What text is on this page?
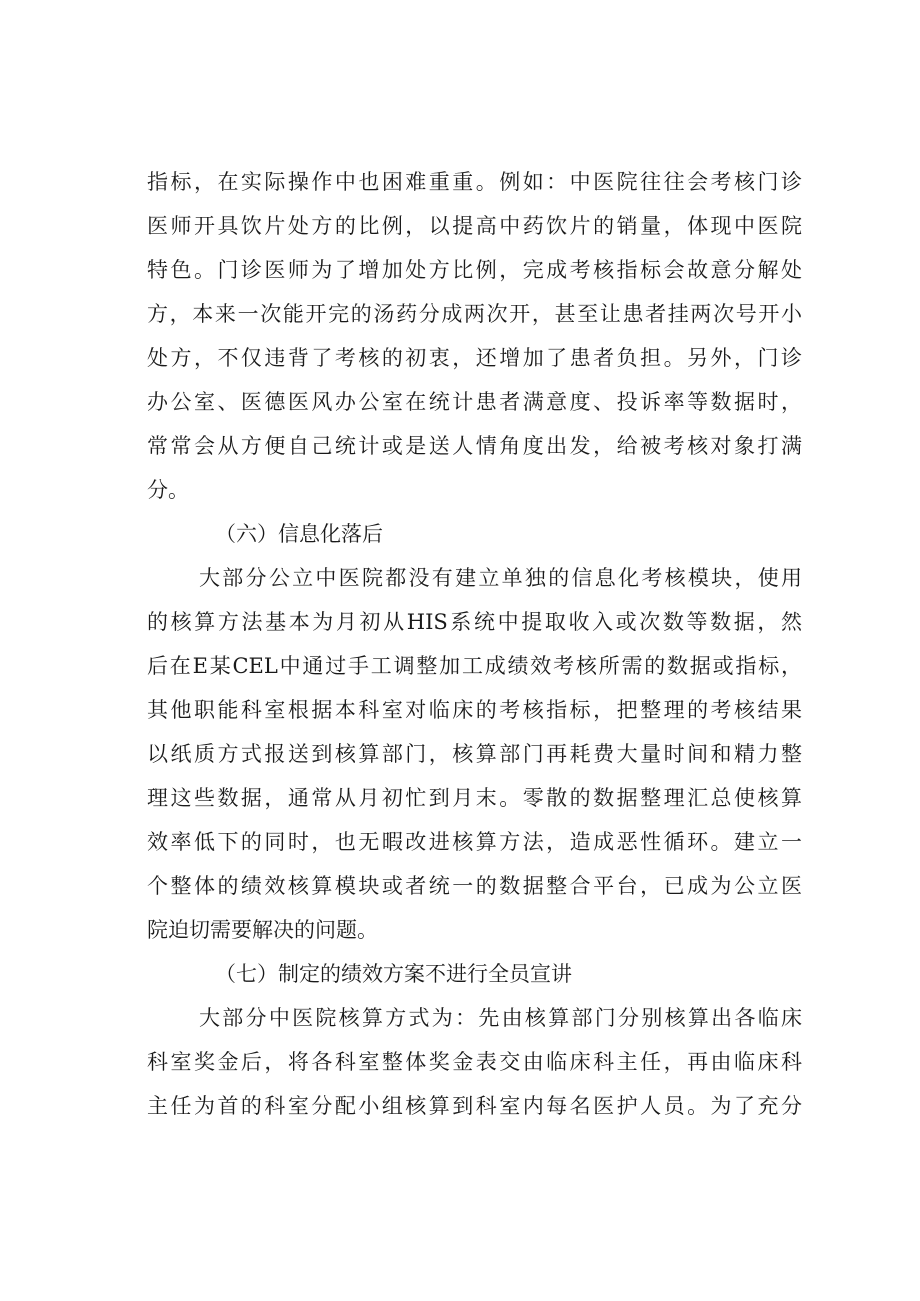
指标，在实际操作中也困难重重。例如：中医院往往会考核门诊
医师开具饮片处方的比例，以提高中药饮片的销量，体现中医院
特色。门诊医师为了增加处方比例，完成考核指标会故意分解处
方，本来一次能开完的汤药分成两次开，甚至让患者挂两次号开小
处方，不仅违背了考核的初衷，还增加了患者负担。另外，门诊
办公室、医德医风办公室在统计患者满意度、投诉率等数据时，
常常会从方便自己统计或是送人情角度出发，给被考核对象打满
分。
（六）信息化落后
大部分公立中医院都没有建立单独的信息化考核模块，使用
的核算方法基本为月初从HIS系统中提取收入或次数等数据，然
后在E某CEL中通过手工调整加工成绩效考核所需的数据或指标，
其他职能科室根据本科室对临床的考核指标，把整理的考核结果
以纸质方式报送到核算部门，核算部门再耗费大量时间和精力整
理这些数据，通常从月初忙到月末。零散的数据整理汇总使核算
效率低下的同时，也无暇改进核算方法，造成恶性循环。建立一
个整体的绩效核算模块或者统一的数据整合平台，已成为公立医
院迫切需要解决的问题。
（七）制定的绩效方案不进行全员宣讲
大部分中医院核算方式为：先由核算部门分别核算出各临床
科室奖金后，将各科室整体奖金表交由临床科主任，再由临床科
主任为首的科室分配小组核算到科室内每名医护人员。为了充分
